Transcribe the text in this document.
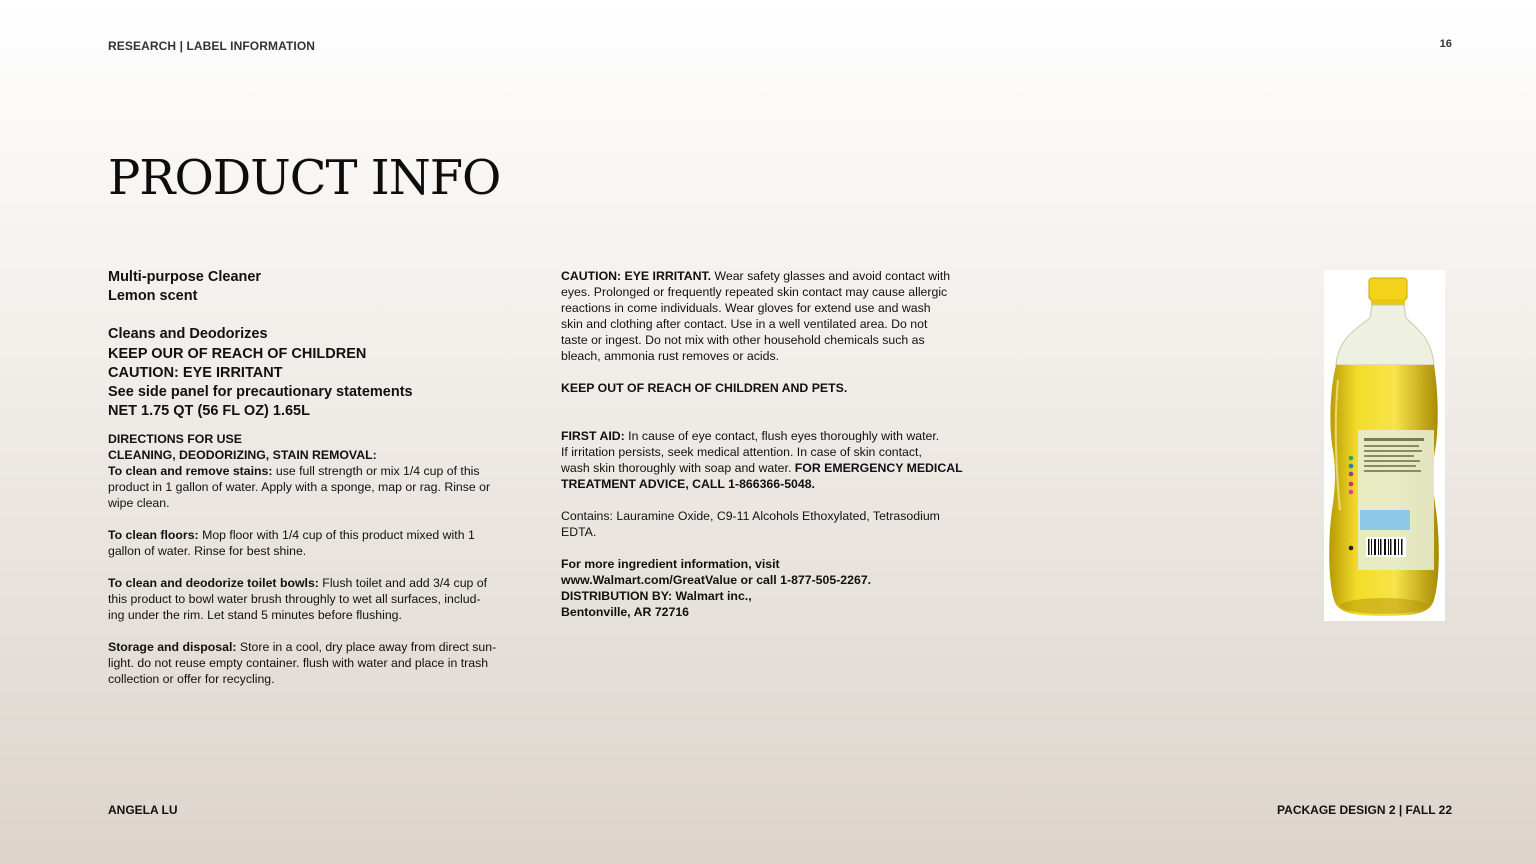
RESEARCH | LABEL INFORMATION	16
PRODUCT INFO
Multi-purpose Cleaner
Lemon scent
Cleans and Deodorizes
KEEP OUR OF REACH OF CHILDREN
CAUTION: EYE IRRITANT
See side panel for precautionary statements
NET 1.75 QT (56 FL OZ) 1.65L
DIRECTIONS FOR USE
CLEANING, DEODORIZING, STAIN REMOVAL:
To clean and remove stains: use full strength or mix 1/4 cup of this
product in 1 gallon of water. Apply with a sponge, map or rag. Rinse or
wipe clean.
To clean floors: Mop floor with 1/4 cup of this product mixed with 1
gallon of water. Rinse for best shine.
To clean and deodorize toilet bowls: Flush toilet and add 3/4 cup of
this product to bowl water brush throughly to wet all surfaces, includ-
ing under the rim. Let stand 5 minutes before flushing.
Storage and disposal: Store in a cool, dry place away from direct sun-
light. do not reuse empty container. flush with water and place in trash
collection or offer for recycling.
CAUTION: EYE IRRITANT. Wear safety glasses and avoid contact with
eyes. Prolonged or frequently repeated skin contact may cause allergic
reactions in come individuals. Wear gloves for extend use and wash
skin and clothing after contact. Use in a well ventilated area. Do not
taste or ingest. Do not mix with other household chemicals such as
bleach, ammonia rust removes or acids.
KEEP OUT OF REACH OF CHILDREN AND PETS.
FIRST AID: In cause of eye contact, flush eyes thoroughly with water.
If irritation persists, seek medical attention. In case of skin contact,
wash skin thoroughly with soap and water. FOR EMERGENCY MEDICAL
TREATMENT ADVICE, CALL 1-866366-5048.
Contains: Lauramine Oxide, C9-11 Alcohols Ethoxylated, Tetrasodium
EDTA.
For more ingredient information, visit
www.Walmart.com/GreatValue or call 1-877-505-2267.
DISTRIBUTION BY: Walmart inc.,
Bentonville, AR 72716
ANGELA LU	PACKAGE DESIGN 2 | FALL 22
